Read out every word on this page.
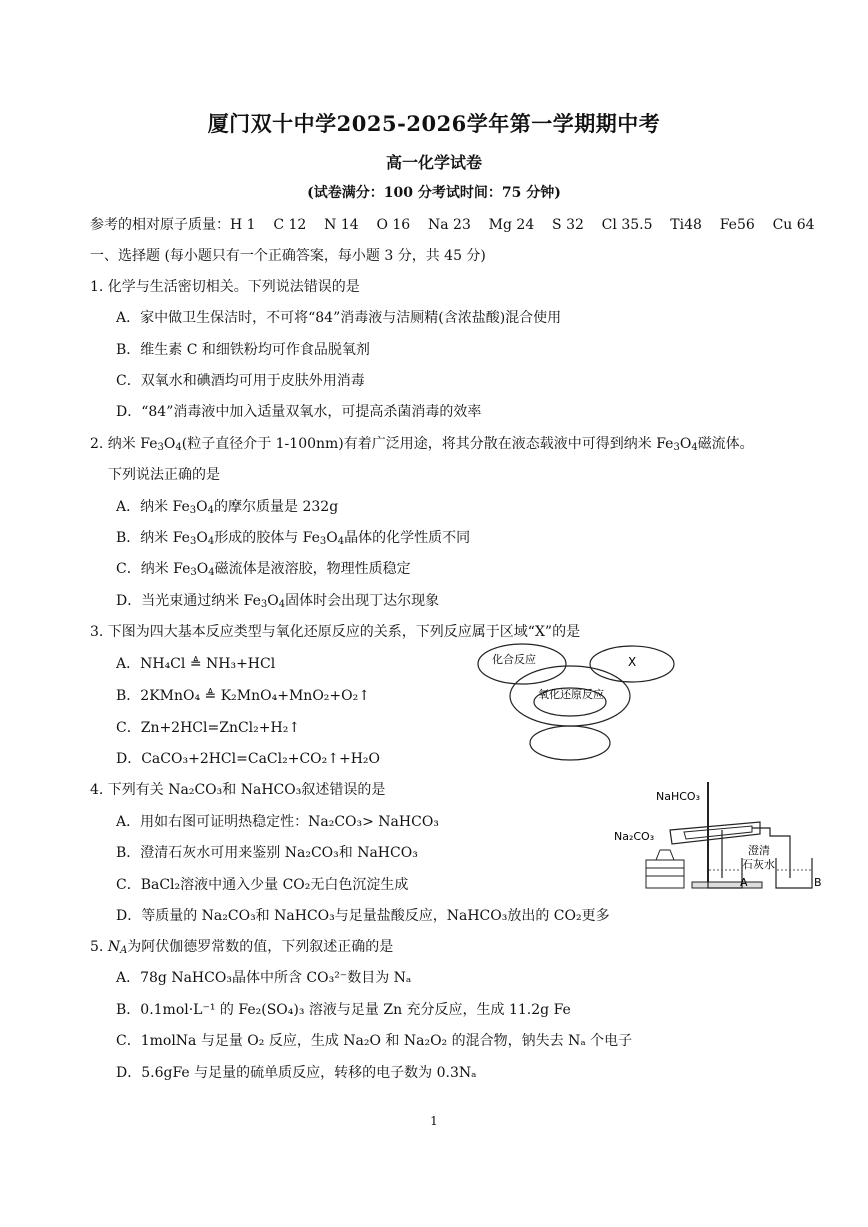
厦门双十中学2025-2026学年第一学期期中考
高一化学试卷
(试卷满分：100 分考试时间：75 分钟)
参考的相对原子质量：H 1    C 12    N 14    O 16    Na 23    Mg 24    S 32    Cl 35.5    Ti48    Fe56    Cu 64
一、选择题 (每小题只有一个正确答案，每小题 3 分，共 45 分)
1. 化学与生活密切相关。下列说法错误的是
A．家中做卫生保洁时，不可将“84”消毒液与洁厕精(含浓盐酸)混合使用
B．维生素 C 和细铁粉均可作食品脱氧剂
C．双氧水和碘酒均可用于皮肤外用消毒
D．“84”消毒液中加入适量双氧水，可提高杀菌消毒的效率
2. 纳米 $Fe_3O_4$(粒子直径介于 1-100nm)有着广泛用途，将其分散在液态载液中可得到纳米 $Fe_3O_4$磁流体。
下列说法正确的是
A．纳米 $Fe_3O_4$的摩尔质量是 232g
B．纳米 $Fe_3O_4$形成的胶体与 $Fe_3O_4$晶体的化学性质不同
C．纳米 $Fe_3O_4$磁流体是液溶胶，物理性质稳定
D．当光束通过纳米 $Fe_3O_4$固体时会出现丁达尔现象
3. 下图为四大基本反应类型与氧化还原反应的关系，下列反应属于区域“X”的是
A．NH₄Cl ≜ NH₃+HCl
B．2KMnO₄ ≜ K₂MnO₄+MnO₂+O₂↑
C．Zn+2HCl=ZnCl₂+H₂↑
D．CaCO₃+2HCl=CaCl₂+CO₂↑+H₂O
化合反应	X
氧化还原反应
4. 下列有关 Na₂CO₃和 NaHCO₃叙述错误的是
A．用如右图可证明热稳定性：Na₂CO₃> NaHCO₃
B．澄清石灰水可用来鉴别 Na₂CO₃和 NaHCO₃
C．BaCl₂溶液中通入少量 CO₂无白色沉淀生成
D．等质量的 Na₂CO₃和 NaHCO₃与足量盐酸反应，NaHCO₃放出的 CO₂更多
NaHCO₃
Na₂CO₃
澄清
石灰水
A	B
5. $N_A$为阿伏伽德罗常数的值，下列叙述正确的是
A．78g NaHCO₃晶体中所含 CO₃²⁻数目为 Nₐ
B．0.1mol·L⁻¹ 的 Fe₂(SO₄)₃ 溶液与足量 Zn 充分反应，生成 11.2g Fe
C．1molNa 与足量 O₂ 反应，生成 Na₂O 和 Na₂O₂ 的混合物，钠失去 Nₐ 个电子
D．5.6gFe 与足量的硫单质反应，转移的电子数为 0.3Nₐ
1
